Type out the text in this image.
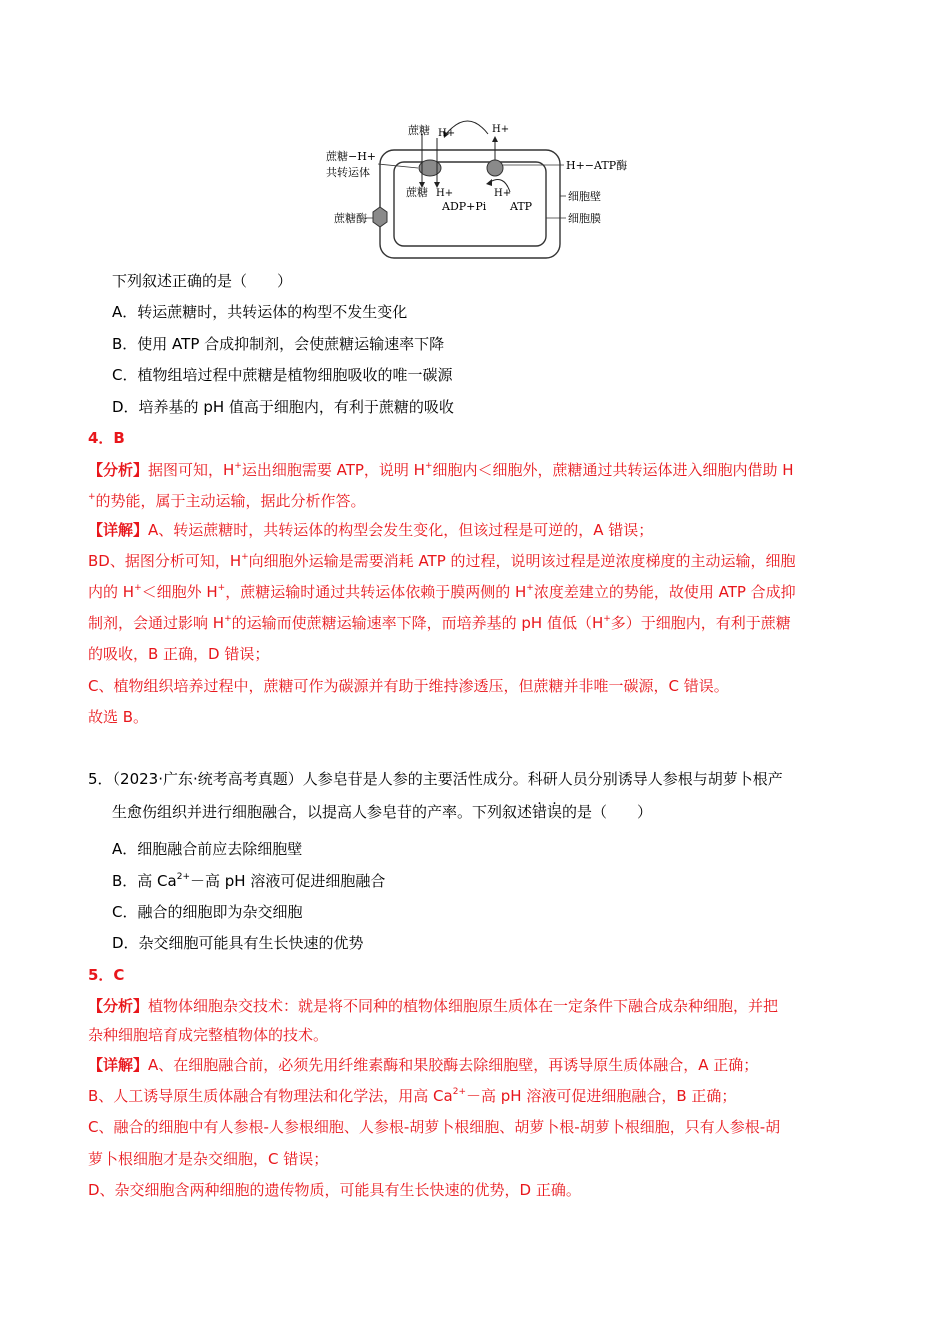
蔗糖 H+	H+
蔗糖−H+
共转运体
蔗糖 H+	H+
ADP+Pi ATP
H+−ATP酶
细胞壁
细胞膜
蔗糖酶
下列叙述正确的是（　　）
A．转运蔗糖时，共转运体的构型不发生变化
B．使用 ATP 合成抑制剂，会使蔗糖运输速率下降
C．植物组培过程中蔗糖是植物细胞吸收的唯一碳源
D．培养基的 pH 值高于细胞内，有利于蔗糖的吸收
4．B
【分析】据图可知，H+运出细胞需要 ATP，说明 H+细胞内＜细胞外，蔗糖通过共转运体进入细胞内借助 H
+的势能，属于主动运输，据此分析作答。
【详解】A、转运蔗糖时，共转运体的构型会发生变化，但该过程是可逆的，A 错误；
BD、据图分析可知，H+向细胞外运输是需要消耗 ATP 的过程，说明该过程是逆浓度梯度的主动运输，细胞
内的 H+＜细胞外 H+，蔗糖运输时通过共转运体依赖于膜两侧的 H+浓度差建立的势能，故使用 ATP 合成抑
制剂，会通过影响 H+的运输而使蔗糖运输速率下降，而培养基的 pH 值低（H+多）于细胞内，有利于蔗糖
的吸收，B 正确，D 错误；
C、植物组织培养过程中，蔗糖可作为碳源并有助于维持渗透压，但蔗糖并非唯一碳源，C 错误。
故选 B。
5．（2023·广东·统考高考真题）人参皂苷是人参的主要活性成分。科研人员分别诱导人参根与胡萝卜根产
生愈伤组织并进行细胞融合，以提高人参皂苷的产率。下列叙述错误的是（　　）
A．细胞融合前应去除细胞壁
B．高 $Ca^{2+}-$高 pH 溶液可促进细胞融合
C．融合的细胞即为杂交细胞
D．杂交细胞可能具有生长快速的优势
5．C
【分析】植物体细胞杂交技术：就是将不同种的植物体细胞原生质体在一定条件下融合成杂种细胞，并把
杂种细胞培育成完整植物体的技术。
【详解】A、在细胞融合前，必须先用纤维素酶和果胶酶去除细胞壁，再诱导原生质体融合，A 正确；
B、人工诱导原生质体融合有物理法和化学法，用高 $Ca^{2+}-$高 pH 溶液可促进细胞融合，B 正确；
C、融合的细胞中有人参根-人参根细胞、人参根-胡萝卜根细胞、胡萝卜根-胡萝卜根细胞，只有人参根-胡
萝卜根细胞才是杂交细胞，C 错误；
D、杂交细胞含两种细胞的遗传物质，可能具有生长快速的优势，D 正确。
